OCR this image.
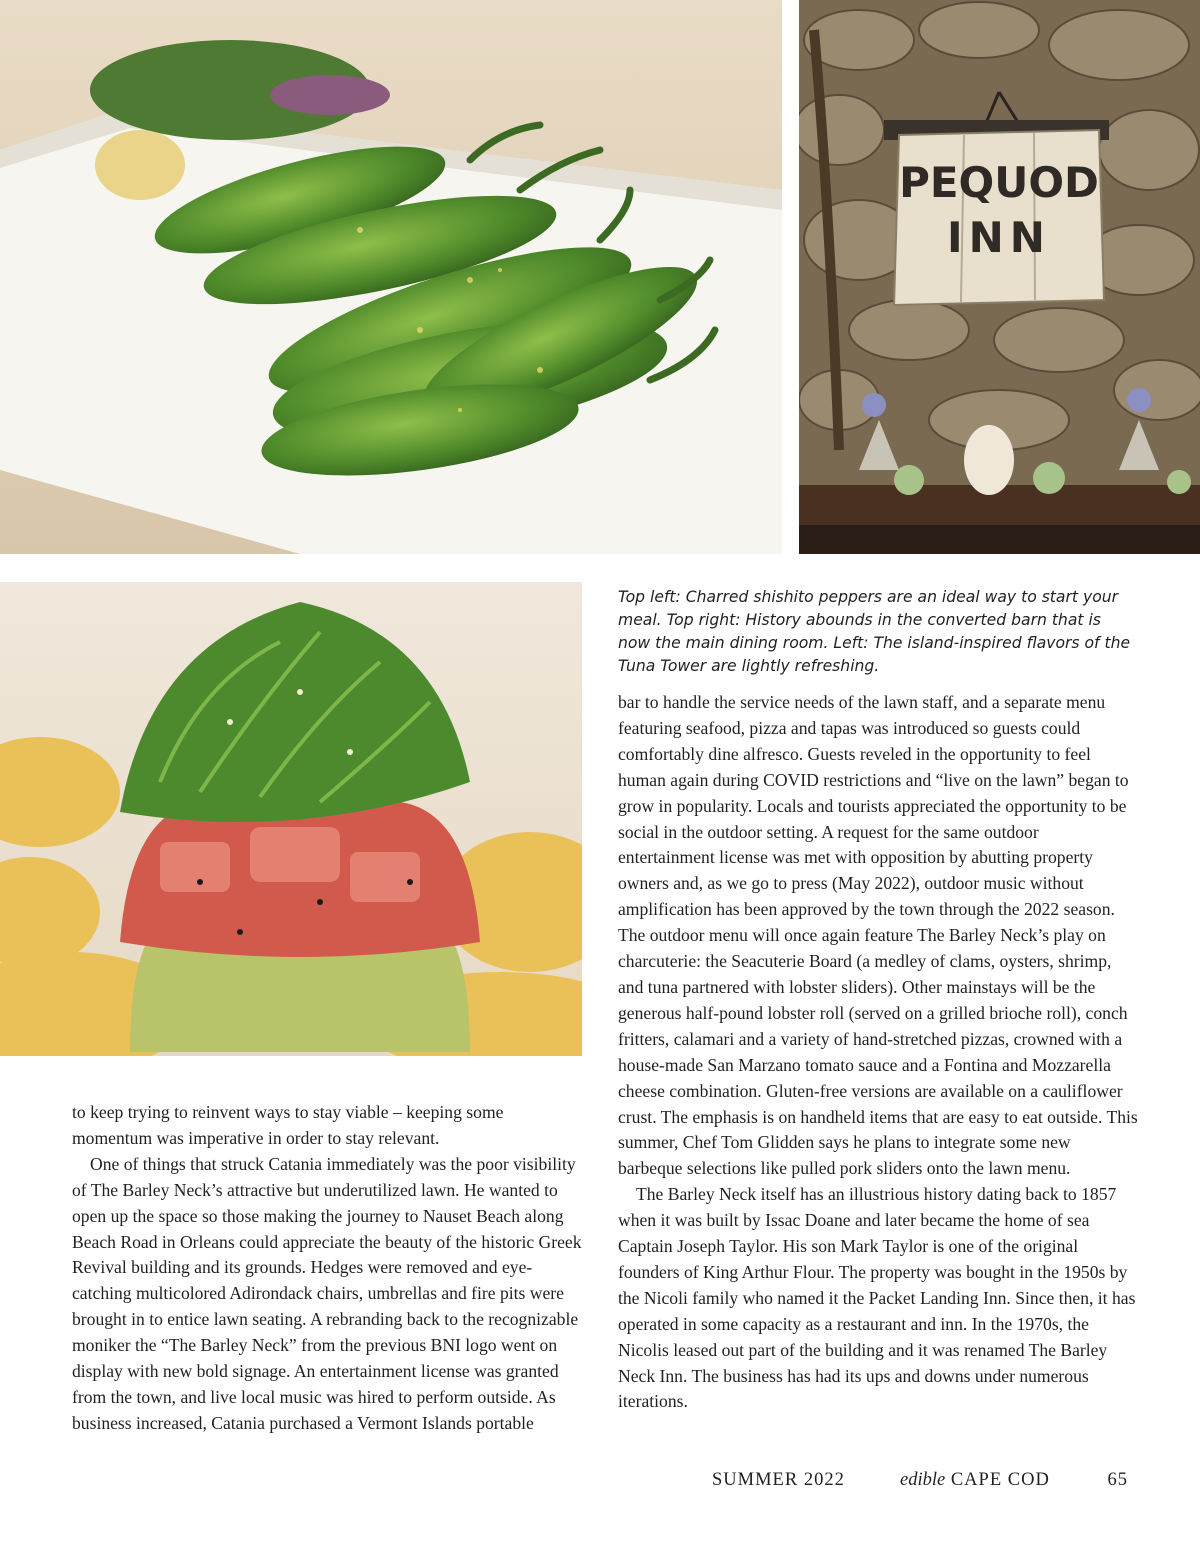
PEQUOD
INN

Top left: Charred shishito peppers are an ideal way to start your meal. Top right: History abounds in the converted barn that is now the main dining room. Left: The island-inspired flavors of the Tuna Tower are lightly refreshing.

to keep trying to reinvent ways to stay viable – keeping some momentum was imperative in order to stay relevant.

One of things that struck Catania immediately was the poor visibility of The Barley Neck’s attractive but underutilized lawn. He wanted to open up the space so those making the journey to Nauset Beach along Beach Road in Orleans could appreciate the beauty of the historic Greek Revival building and its grounds. Hedges were removed and eye-catching multicolored Adirondack chairs, umbrellas and fire pits were brought in to entice lawn seating. A rebranding back to the recognizable moniker the “The Barley Neck” from the previous BNI logo went on display with new bold signage. An entertainment license was granted from the town, and live local music was hired to perform outside. As business increased, Catania purchased a Vermont Islands portable

bar to handle the service needs of the lawn staff, and a separate menu featuring seafood, pizza and tapas was introduced so guests could comfortably dine alfresco. Guests reveled in the opportunity to feel human again during COVID restrictions and “live on the lawn” began to grow in popularity. Locals and tourists appreciated the opportunity to be social in the outdoor setting. A request for the same outdoor entertainment license was met with opposition by abutting property owners and, as we go to press (May 2022), outdoor music without amplification has been approved by the town through the 2022 season. The outdoor menu will once again feature The Barley Neck’s play on charcuterie: the Seacuterie Board (a medley of clams, oysters, shrimp, and tuna partnered with lobster sliders). Other mainstays will be the generous half-pound lobster roll (served on a grilled brioche roll), conch fritters, calamari and a variety of hand-stretched pizzas, crowned with a house-made San Marzano tomato sauce and a Fontina and Mozzarella cheese combination. Gluten-free versions are available on a cauliflower crust. The emphasis is on handheld items that are easy to eat outside. This summer, Chef Tom Glidden says he plans to integrate some new barbeque selections like pulled pork sliders onto the lawn menu.

The Barley Neck itself has an illustrious history dating back to 1857 when it was built by Issac Doane and later became the home of sea Captain Joseph Taylor. His son Mark Taylor is one of the original founders of King Arthur Flour. The property was bought in the 1950s by the Nicoli family who named it the Packet Landing Inn. Since then, it has operated in some capacity as a restaurant and inn. In the 1970s, the Nicolis leased out part of the building and it was renamed The Barley Neck Inn. The business has had its ups and downs under numerous iterations.

SUMMER 2022	edible CAPE COD	65
